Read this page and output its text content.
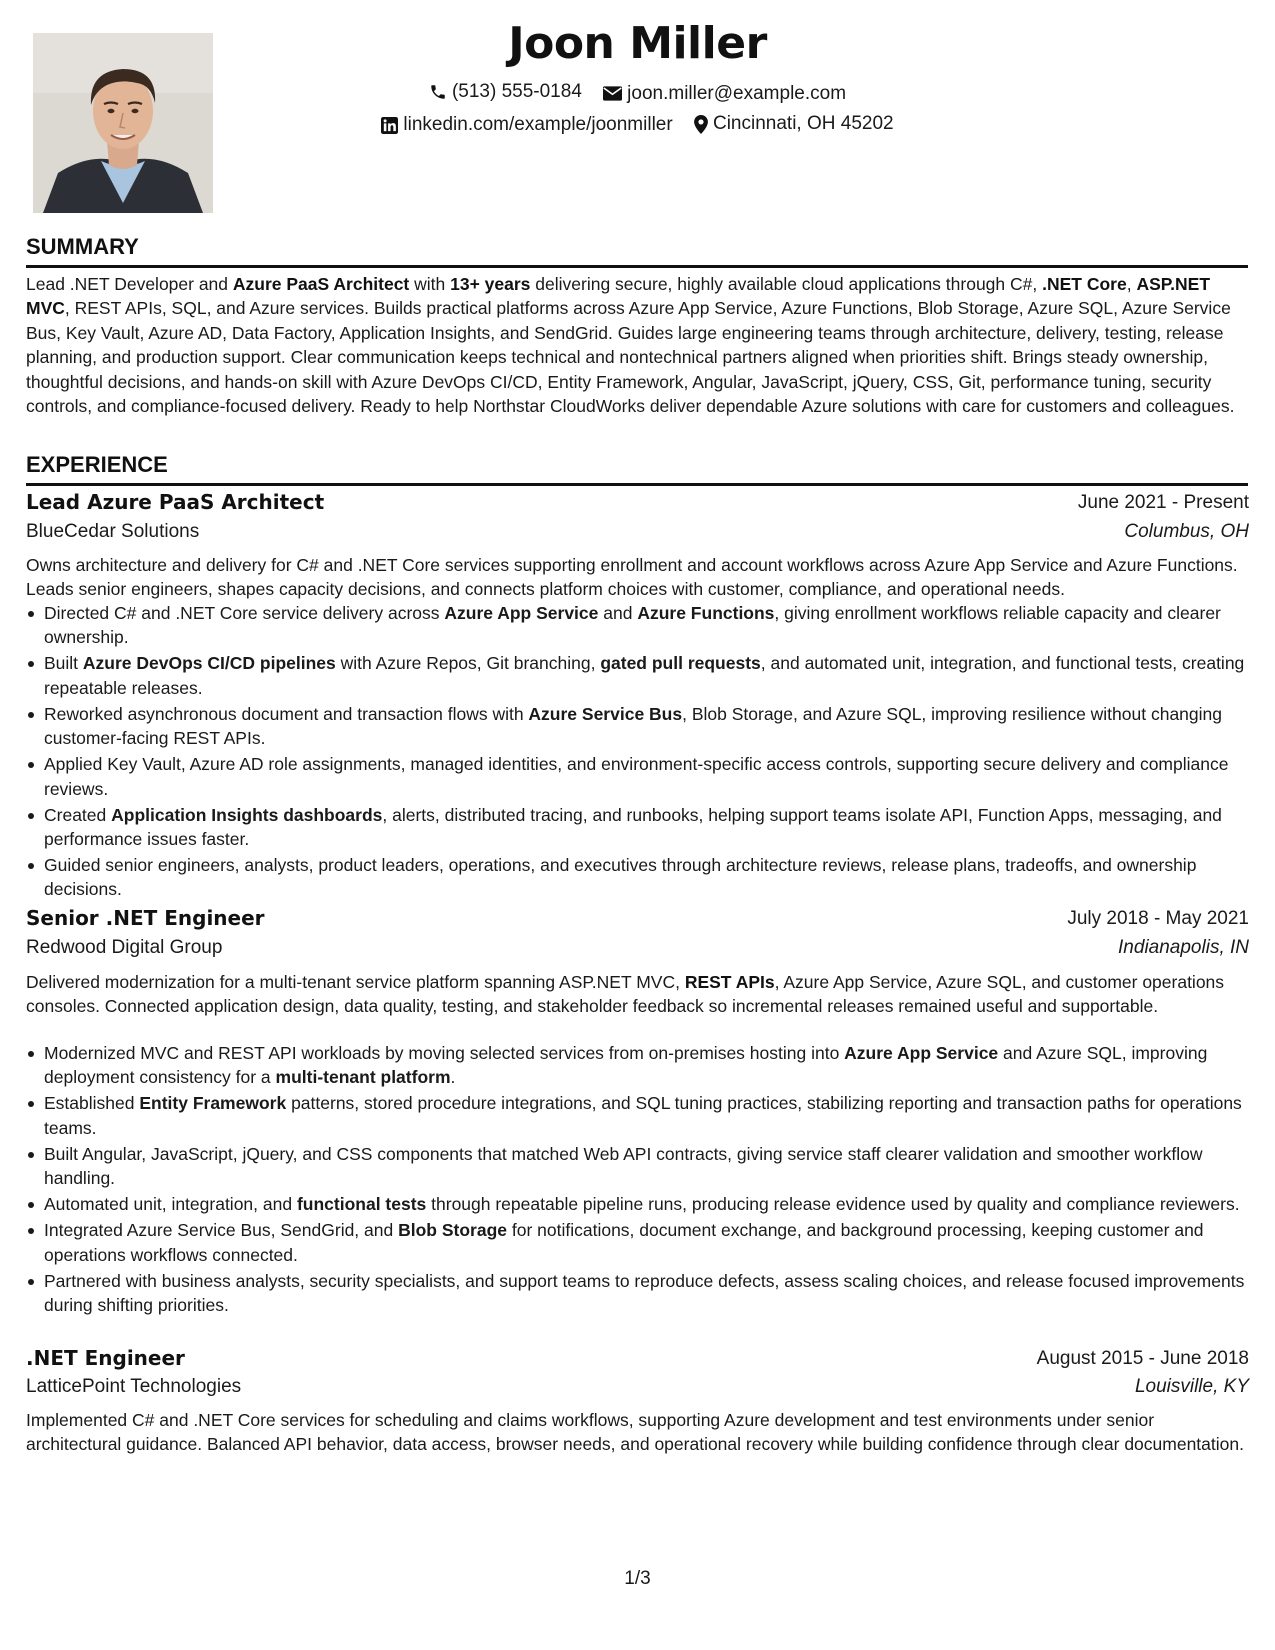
Joon Miller
(513) 555-0184
joon.miller@example.com
linkedin.com/example/joonmiller
Cincinnati, OH 45202
SUMMARY
Lead .NET Developer and Azure PaaS Architect with 13+ years delivering secure, highly available cloud applications through C#, .NET Core, ASP.NET MVC, REST APIs, SQL, and Azure services. Builds practical platforms across Azure App Service, Azure Functions, Blob Storage, Azure SQL, Azure Service Bus, Key Vault, Azure AD, Data Factory, Application Insights, and SendGrid. Guides large engineering teams through architecture, delivery, testing, release planning, and production support. Clear communication keeps technical and nontechnical partners aligned when priorities shift. Brings steady ownership, thoughtful decisions, and hands-on skill with Azure DevOps CI/CD, Entity Framework, Angular, JavaScript, jQuery, CSS, Git, performance tuning, security controls, and compliance-focused delivery. Ready to help Northstar CloudWorks deliver dependable Azure solutions with care for customers and colleagues.
EXPERIENCE
Lead Azure PaaS Architect	June 2021 - Present
BlueCedar Solutions	Columbus, OH
Owns architecture and delivery for C# and .NET Core services supporting enrollment and account workflows across Azure App Service and Azure Functions. Leads senior engineers, shapes capacity decisions, and connects platform choices with customer, compliance, and operational needs.
Directed C# and .NET Core service delivery across Azure App Service and Azure Functions, giving enrollment workflows reliable capacity and clearer ownership.
Built Azure DevOps CI/CD pipelines with Azure Repos, Git branching, gated pull requests, and automated unit, integration, and functional tests, creating repeatable releases.
Reworked asynchronous document and transaction flows with Azure Service Bus, Blob Storage, and Azure SQL, improving resilience without changing customer-facing REST APIs.
Applied Key Vault, Azure AD role assignments, managed identities, and environment-specific access controls, supporting secure delivery and compliance reviews.
Created Application Insights dashboards, alerts, distributed tracing, and runbooks, helping support teams isolate API, Function Apps, messaging, and performance issues faster.
Guided senior engineers, analysts, product leaders, operations, and executives through architecture reviews, release plans, tradeoffs, and ownership decisions.
Senior .NET Engineer	July 2018 - May 2021
Redwood Digital Group	Indianapolis, IN
Delivered modernization for a multi-tenant service platform spanning ASP.NET MVC, REST APIs, Azure App Service, Azure SQL, and customer operations consoles. Connected application design, data quality, testing, and stakeholder feedback so incremental releases remained useful and supportable.
Modernized MVC and REST API workloads by moving selected services from on-premises hosting into Azure App Service and Azure SQL, improving deployment consistency for a multi-tenant platform.
Established Entity Framework patterns, stored procedure integrations, and SQL tuning practices, stabilizing reporting and transaction paths for operations teams.
Built Angular, JavaScript, jQuery, and CSS components that matched Web API contracts, giving service staff clearer validation and smoother workflow handling.
Automated unit, integration, and functional tests through repeatable pipeline runs, producing release evidence used by quality and compliance reviewers.
Integrated Azure Service Bus, SendGrid, and Blob Storage for notifications, document exchange, and background processing, keeping customer and operations workflows connected.
Partnered with business analysts, security specialists, and support teams to reproduce defects, assess scaling choices, and release focused improvements during shifting priorities.
.NET Engineer	August 2015 - June 2018
LatticePoint Technologies	Louisville, KY
Implemented C# and .NET Core services for scheduling and claims workflows, supporting Azure development and test environments under senior architectural guidance. Balanced API behavior, data access, browser needs, and operational recovery while building confidence through clear documentation.
1/3
